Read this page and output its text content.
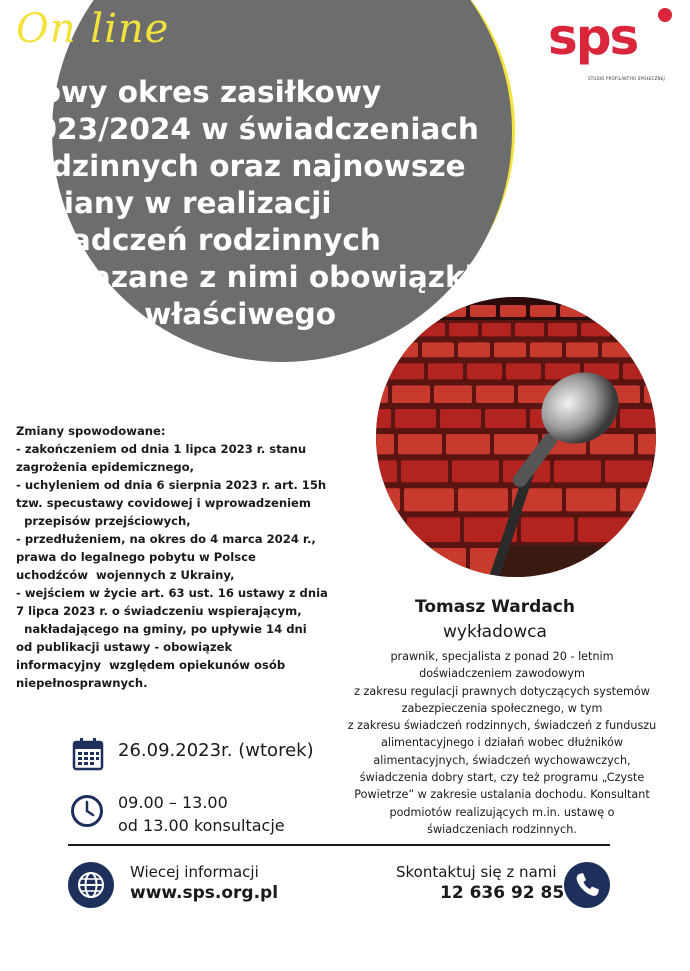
On line
Nowy okres zasiłkowy
2023/2024 w świadczeniach
rodzinnych oraz najnowsze
zmiany w realizacji
świadczeń rodzinnych
i związane z nimi obowiązki
organu właściwego
sps
STUDIO PROFILAKTYKI SPOŁECZNEJ
Zmiany spowodowane:
- zakończeniem od dnia 1 lipca 2023 r. stanu
zagrożenia epidemicznego,
- uchyleniem od dnia 6 sierpnia 2023 r. art. 15h
tzw. specustawy covidowej i wprowadzeniem
przepisów przejściowych,
- przedłużeniem, na okres do 4 marca 2024 r.,
prawa do legalnego pobytu w Polsce
uchodźców  wojennych z Ukrainy,
- wejściem w życie art. 63 ust. 16 ustawy z dnia
7 lipca 2023 r. o świadczeniu wspierającym,
nakładającego na gminy, po upływie 14 dni
od publikacji ustawy - obowiązek
informacyjny  względem opiekunów osób
niepełnosprawnych.
Tomasz Wardach
wykładowca
prawnik, specjalista z ponad 20 - letnim
doświadczeniem zawodowym
z zakresu regulacji prawnych dotyczących systemów
zabezpieczenia społecznego, w tym
z zakresu świadczeń rodzinnych, świadczeń z funduszu
alimentacyjnego i działań wobec dłużników
alimentacyjnych, świadczeń wychowawczych,
świadczenia dobry start, czy też programu „Czyste
Powietrze” w zakresie ustalania dochodu. Konsultant
podmiotów realizujących m.in. ustawę o
świadczeniach rodzinnych.
26.09.2023r. (wtorek)
09.00 – 13.00
od 13.00 konsultacje
Wiecej informacji
www.sps.org.pl
Skontaktuj się z nami
12 636 92 85
